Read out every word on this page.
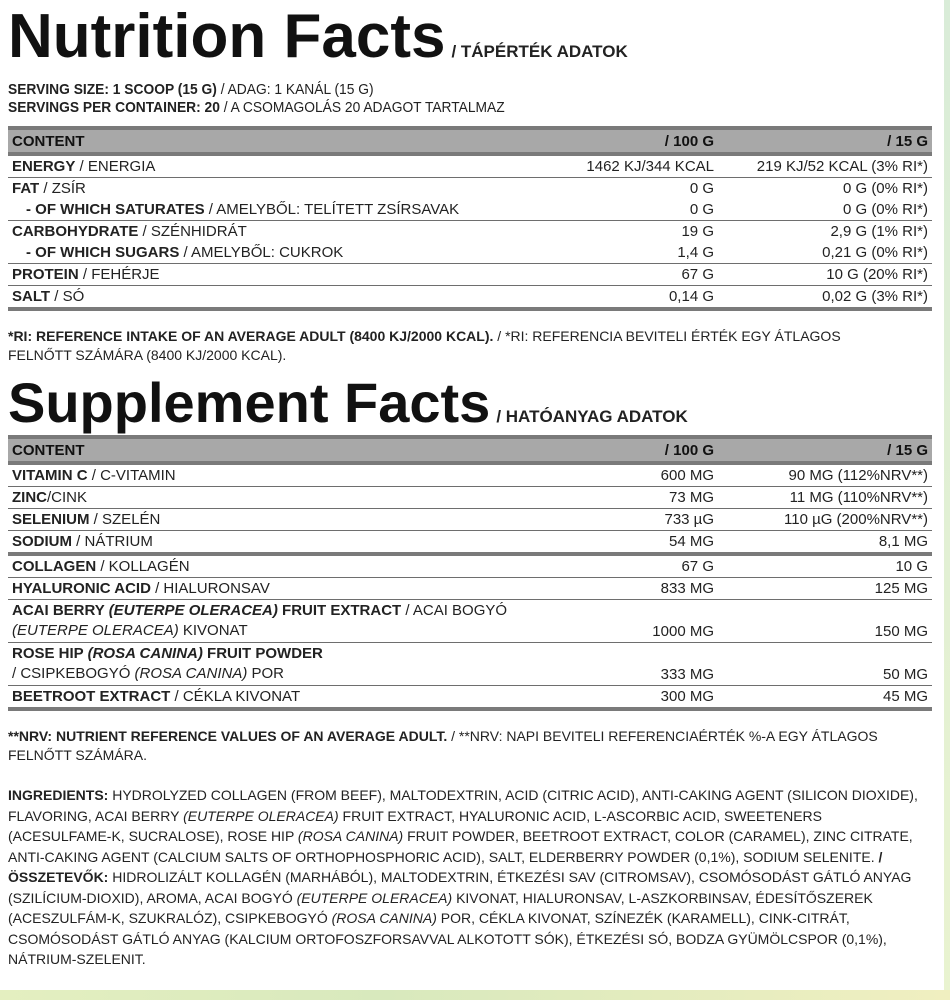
Nutrition Facts / TÁPÉRTÉK ADATOK
SERVING SIZE: 1 SCOOP (15 G) / ADAG: 1 KANÁL (15 G)
SERVINGS PER CONTAINER: 20 / A CSOMAGOLÁS 20 ADAGOT TARTALMAZ
CONTENT	/ 100 G	/ 15 G
ENERGY / ENERGIA	1462 KJ/344 KCAL	219 KJ/52 KCAL (3% RI*)
FAT / ZSÍR	0 G	0 G (0% RI*)
- OF WHICH SATURATES / AMELYBŐL: TELÍTETT ZSÍRSAVAK	0 G	0 G (0% RI*)
CARBOHYDRATE / SZÉNHIDRÁT	19 G	2,9 G (1% RI*)
- OF WHICH SUGARS / AMELYBŐL: CUKROK	1,4 G	0,21 G (0% RI*)
PROTEIN / FEHÉRJE	67 G	10 G (20% RI*)
SALT / SÓ	0,14 G	0,02 G (3% RI*)
*RI: REFERENCE INTAKE OF AN AVERAGE ADULT (8400 KJ/2000 KCAL). / *RI: REFERENCIA BEVITELI ÉRTÉK EGY ÁTLAGOS FELNŐTT SZÁMÁRA (8400 KJ/2000 KCAL).
Supplement Facts / HATÓANYAG ADATOK
CONTENT	/ 100 G	/ 15 G
VITAMIN C / C-VITAMIN	600 MG	90 MG (112%NRV**)
ZINC/CINK	73 MG	11 MG (110%NRV**)
SELENIUM / SZELÉN	733 µG	110 µG (200%NRV**)
SODIUM / NÁTRIUM	54 MG	8,1 MG
COLLAGEN / KOLLAGÉN	67 G	10 G
HYALURONIC ACID / HIALURONSAV	833 MG	125 MG
ACAI BERRY (EUTERPE OLERACEA) FRUIT EXTRACT / ACAI BOGYÓ
(EUTERPE OLERACEA) KIVONAT	1000 MG	150 MG
ROSE HIP (ROSA CANINA) FRUIT POWDER
/ CSIPKEBOGYÓ (ROSA CANINA) POR	333 MG	50 MG
BEETROOT EXTRACT / CÉKLA KIVONAT	300 MG	45 MG
**NRV: NUTRIENT REFERENCE VALUES OF AN AVERAGE ADULT. / **NRV: NAPI BEVITELI REFERENCIAÉRTÉK %-A EGY ÁTLAGOS FELNŐTT SZÁMÁRA.
INGREDIENTS: HYDROLYZED COLLAGEN (FROM BEEF), MALTODEXTRIN, ACID (CITRIC ACID), ANTI-CAKING AGENT (SILICON DIOXIDE), FLAVORING, ACAI BERRY (EUTERPE OLERACEA) FRUIT EXTRACT, HYALURONIC ACID, L-ASCORBIC ACID, SWEETENERS (ACESULFAME-K, SUCRALOSE), ROSE HIP (ROSA CANINA) FRUIT POWDER, BEETROOT EXTRACT, COLOR (CARAMEL), ZINC CITRATE, ANTI-CAKING AGENT (CALCIUM SALTS OF ORTHOPHOSPHORIC ACID), SALT, ELDERBERRY POWDER (0,1%), SODIUM SELENITE. / ÖSSZETEVŐK: HIDROLIZÁLT KOLLAGÉN (MARHÁBÓL), MALTODEXTRIN, ÉTKEZÉSI SAV (CITROMSAV), CSOMÓSODÁST GÁTLÓ ANYAG (SZILÍCIUM-DIOXID), AROMA, ACAI BOGYÓ (EUTERPE OLERACEA) KIVONAT, HIALURONSAV, L-ASZKORBINSAV, ÉDESÍTŐSZEREK (ACESZULFÁM-K, SZUKRALÓZ), CSIPKEBOGYÓ (ROSA CANINA) POR, CÉKLA KIVONAT, SZÍNEZÉK (KARAMELL), CINK-CITRÁT, CSOMÓSODÁST GÁTLÓ ANYAG (KALCIUM ORTOFOSZFORSAVVAL ALKOTOTT SÓK), ÉTKEZÉSI SÓ, BODZA GYÜMÖLCSPOR (0,1%), NÁTRIUM-SZELENIT.
